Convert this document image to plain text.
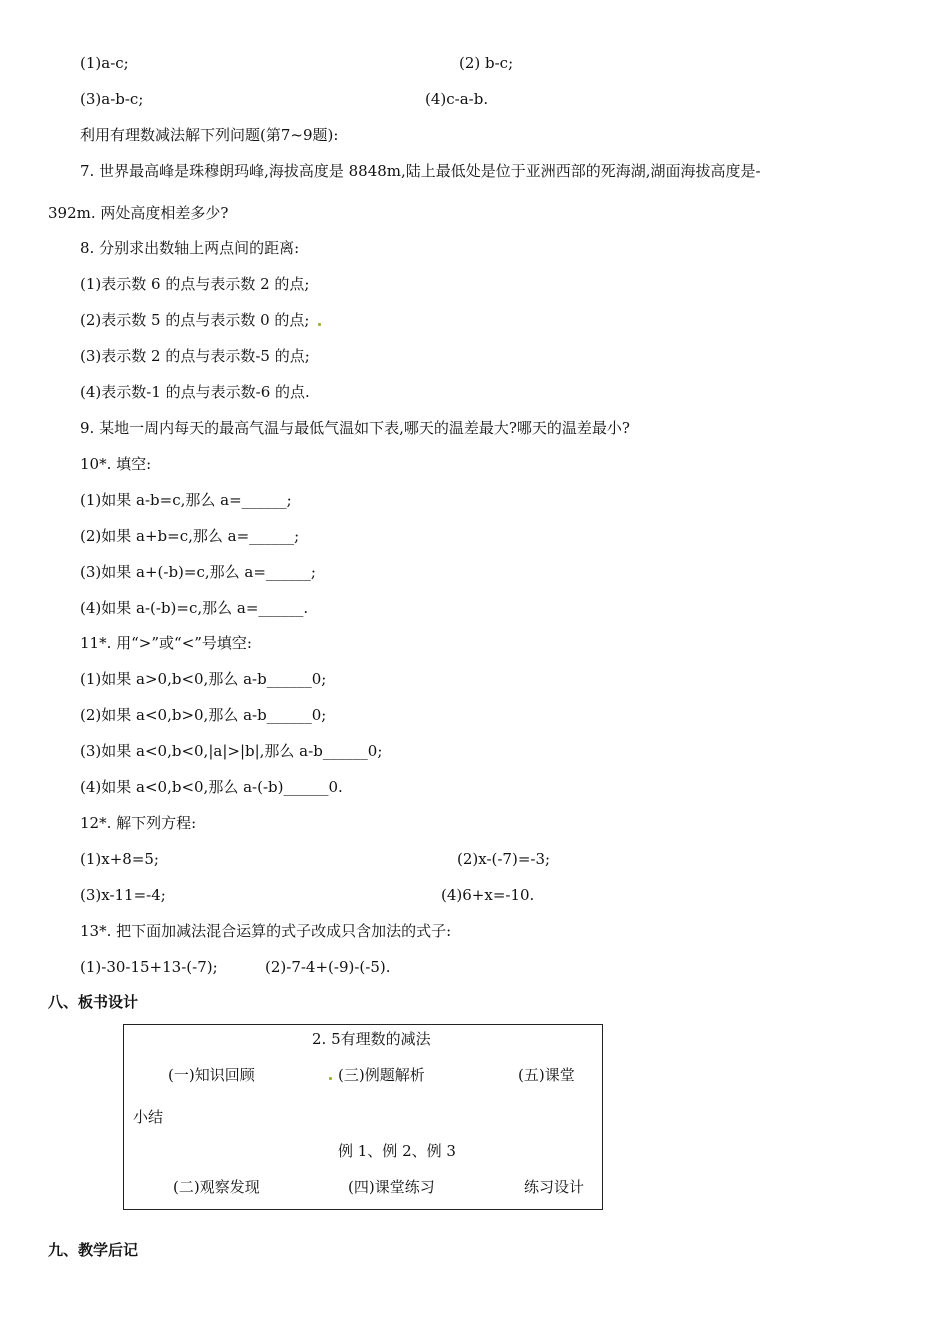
(1)a-c;	(2) b-c;
(3)a-b-c;	(4)c-a-b.
利用有理数减法解下列问题(第7~9题):
7. 世界最高峰是珠穆朗玛峰,海拔高度是 8848m,陆上最低处是位于亚洲西部的死海湖,湖面海拔高度是-
392m. 两处高度相差多少?
8. 分别求出数轴上两点间的距离:
(1)表示数 6 的点与表示数 2 的点;
(2)表示数 5 的点与表示数 0 的点;
(3)表示数 2 的点与表示数-5 的点;
(4)表示数-1 的点与表示数-6 的点.
9. 某地一周内每天的最高气温与最低气温如下表,哪天的温差最大?哪天的温差最小?
10*. 填空:
(1)如果 a-b=c,那么 a=______;
(2)如果 a+b=c,那么 a=______;
(3)如果 a+(-b)=c,那么 a=______;
(4)如果 a-(-b)=c,那么 a=______.
11*. 用“>”或“<”号填空:
(1)如果 a>0,b<0,那么 a-b______0;
(2)如果 a<0,b>0,那么 a-b______0;
(3)如果 a<0,b<0,|a|>|b|,那么 a-b______0;
(4)如果 a<0,b<0,那么 a-(-b)______0.
12*. 解下列方程:
(1)x+8=5;	(2)x-(-7)=-3;
(3)x-11=-4;	(4)6+x=-10.
13*. 把下面加减法混合运算的式子改成只含加法的式子:
(1)-30-15+13-(-7);	(2)-7-4+(-9)-(-5).
八、板书设计
2. 5有理数的减法
(一)知识回顾	(三)例题解析	(五)课堂
小结
例 1、例 2、例 3
(二)观察发现	(四)课堂练习	练习设计
九、教学后记
